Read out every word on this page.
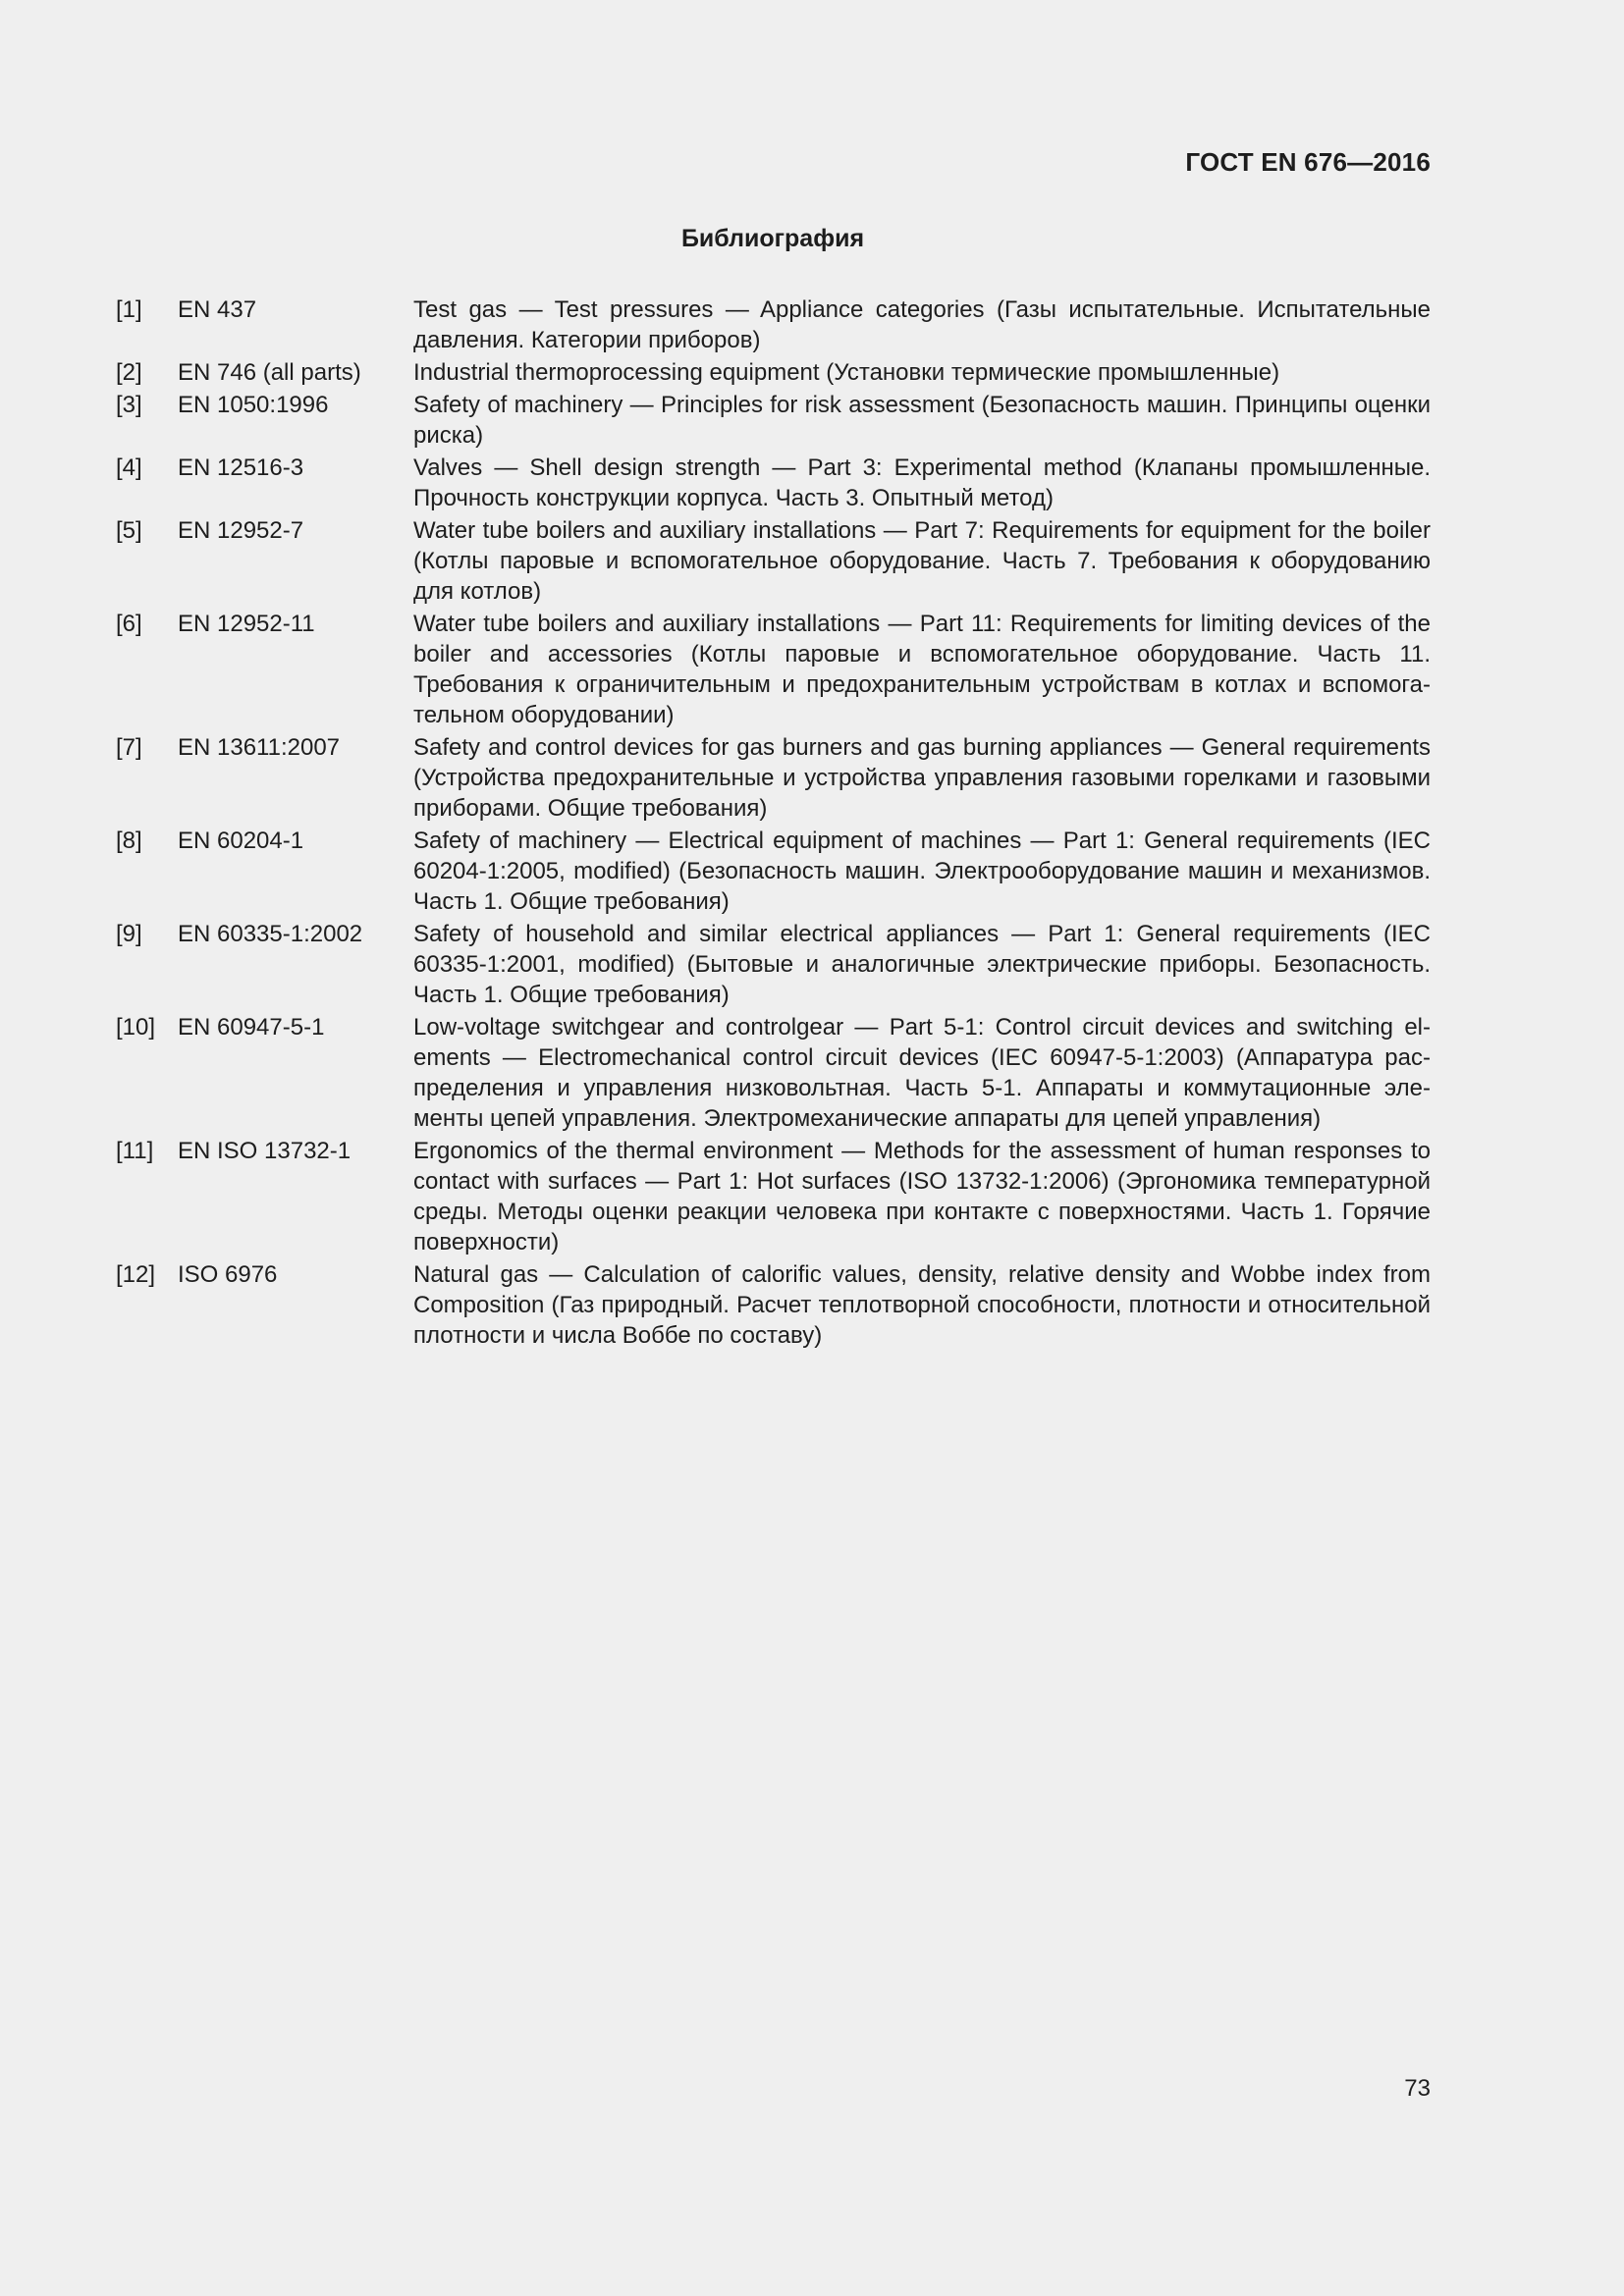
ГОСТ EN 676—2016
Библиография
[1]	EN 437	Test gas — Test pressures — Appliance categories (Газы испытательные. Испытательные давления. Категории приборов)
[2]	EN 746 (all parts)	Industrial thermoprocessing equipment (Установки термические промышленные)
[3]	EN 1050:1996	Safety of machinery — Principles for risk assessment (Безопасность машин. Принципы оценки риска)
[4]	EN 12516-3	Valves — Shell design strength — Part 3: Experimental method (Клапаны промышленные. Прочность конструкции корпуса. Часть 3. Опытный метод)
[5]	EN 12952-7	Water tube boilers and auxiliary installations — Part 7: Requirements for equipment for the boiler (Котлы паровые и вспомогательное оборудование. Часть 7. Требования к оборудованию для котлов)
[6]	EN 12952-11	Water tube boilers and auxiliary installations — Part 11: Requirements for limiting devices of the boiler and accessories (Котлы паровые и вспомогательное оборудование. Часть 11. Требования к ограничительным и предохранительным устройствам в котлах и вспомогательном оборудовании)
[7]	EN 13611:2007	Safety and control devices for gas burners and gas burning appliances — General requirements (Устройства предохранительные и устройства управления газовыми горелками и газовыми приборами. Общие требования)
[8]	EN 60204-1	Safety of machinery — Electrical equipment of machines — Part 1: General requirements (IEC 60204-1:2005, modified) (Безопасность машин. Электрооборудование машин и механизмов. Часть 1. Общие требования)
[9]	EN 60335-1:2002	Safety of household and similar electrical appliances — Part 1: General requirements (IEC 60335-1:2001, modified) (Бытовые и аналогичные электрические приборы. Безопасность. Часть 1. Общие требования)
[10] EN 60947-5-1	Low-voltage switchgear and controlgear — Part 5-1: Control circuit devices and switching elements — Electromechanical control circuit devices (IEC 60947-5-1:2003) (Аппаратура распределения и управления низковольтная. Часть 5-1. Аппараты и коммутационные элементы цепей управления. Электромеханические аппараты для цепей управления)
[11]	EN ISO 13732-1	Ergonomics of the thermal environment — Methods for the assessment of human responses to contact with surfaces — Part 1: Hot surfaces (ISO 13732-1:2006) (Эргономика температурной среды. Методы оценки реакции человека при контакте с поверхностями. Часть 1. Горячие поверхности)
[12] ISO 6976	Natural gas — Calculation of calorific values, density, relative density and Wobbe index from Composition (Газ природный. Расчет теплотворной способности, плотности и относительной плотности и числа Воббе по составу)
73
